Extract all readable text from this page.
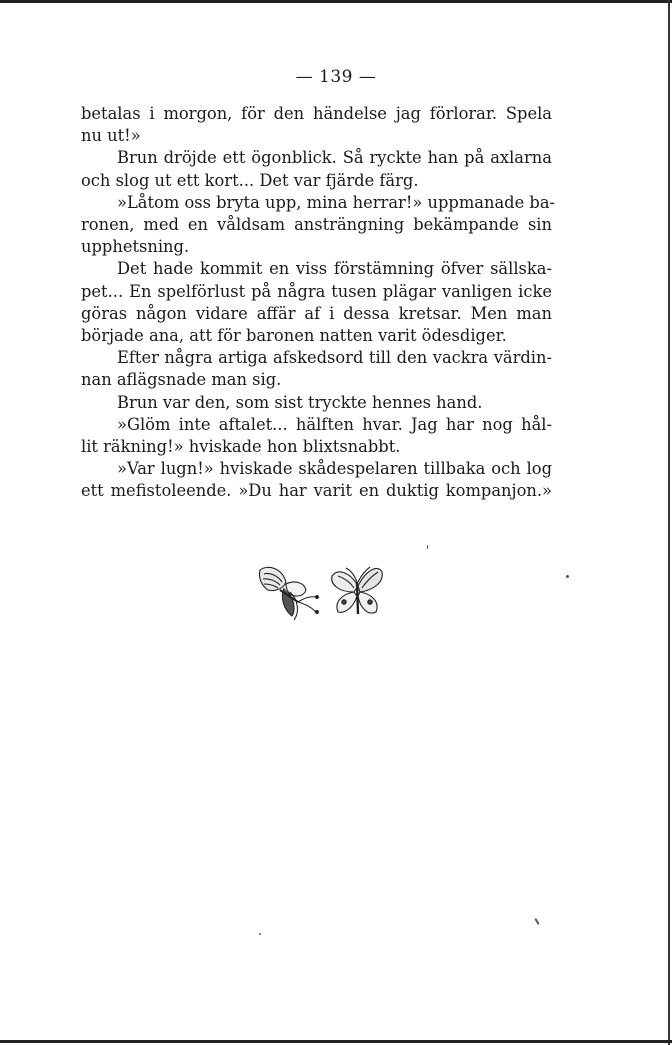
— 139 —
betalas i morgon, för den händelse jag förlorar. Spela
nu ut!»
Brun dröjde ett ögonblick. Så ryckte han på axlarna
och slog ut ett kort... Det var fjärde färg.
»Låtom oss bryta upp, mina herrar!» uppmanade ba-
ronen, med en våldsam ansträngning bekämpande sin
upphetsning.
Det hade kommit en viss förstämning öfver sällska-
pet... En spelförlust på några tusen plägar vanligen icke
göras någon vidare affär af i dessa kretsar. Men man
började ana, att för baronen natten varit ödesdiger.
Efter några artiga afskedsord till den vackra värdin-
nan aflägsnade man sig.
Brun var den, som sist tryckte hennes hand.
»Glöm inte aftalet... hälften hvar. Jag har nog hål-
lit räkning!» hviskade hon blixtsnabbt.
»Var lugn!» hviskade skådespelaren tillbaka och log
ett mefistoleende. »Du har varit en duktig kompanjon.»
